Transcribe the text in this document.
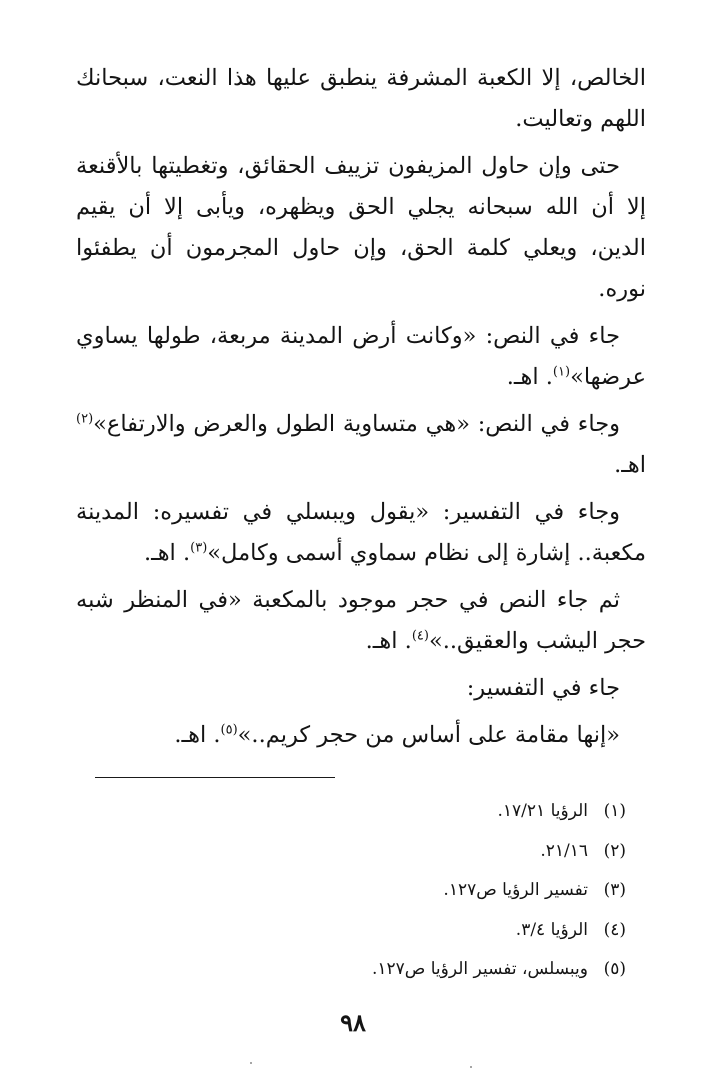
الخالص، إلا الكعبة المشرفة ينطبق عليها هذا النعت، سبحانك اللهم وتعاليت.

حتى وإن حاول المزيفون تزييف الحقائق، وتغطيتها بالأقنعة إلا أن الله سبحانه يجلي الحق ويظهره، ويأبى إلا أن يقيم الدين، ويعلي كلمة الحق، وإن حاول المجرمون أن يطفئوا نوره.

جاء في النص: «وكانت أرض المدينة مربعة، طولها يساوي عرضها»$^{(١)}$. اهـ.

وجاء في النص: «هي متساوية الطول والعرض والارتفاع»$^{(٢)}$ اهـ.

وجاء في التفسير: «يقول ويبسلي في تفسيره: المدينة مكعبة.. إشارة إلى نظام سماوي أسمى وكامل»$^{(٣)}$. اهـ.

ثم جاء النص في حجر موجود بالمكعبة «في المنظر شبه حجر اليشب والعقيق..»$^{(٤)}$. اهـ.

جاء في التفسير:

«إنها مقامة على أساس من حجر كريم..»$^{(٥)}$. اهـ.

(١)
الرؤيا ١٧/٢١.
(٢)
٢١/١٦.
(٣)
تفسير الرؤيا ص١٢٧.
(٤)
الرؤيا ٣/٤.
(٥)
ويبسلس، تفسير الرؤيا ص١٢٧.
٩٨
